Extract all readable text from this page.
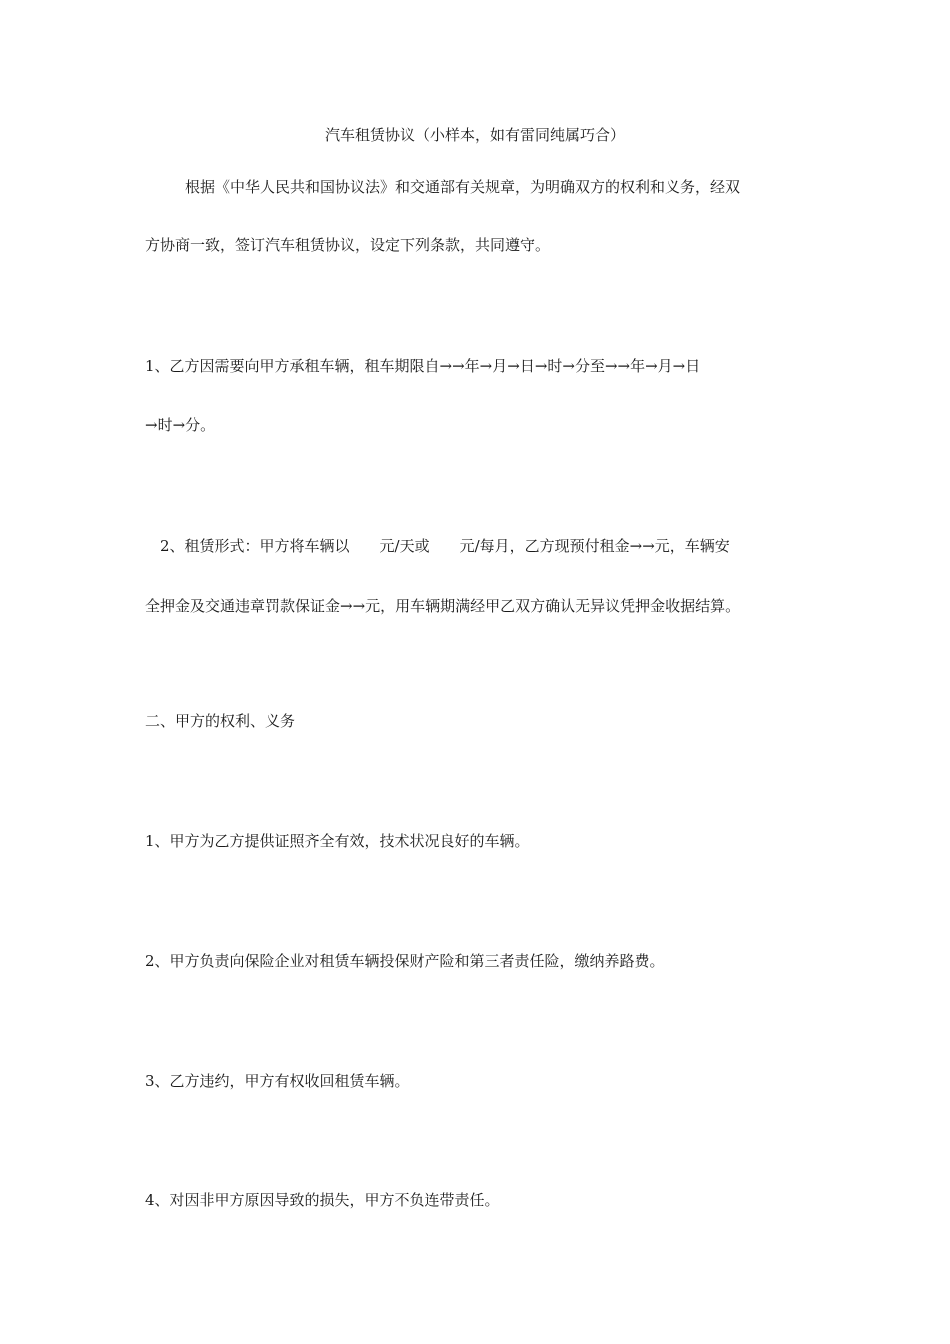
汽车租赁协议（小样本，如有雷同纯属巧合）
根据《中华人民共和国协议法》和交通部有关规章，为明确双方的权利和义务，经双
方协商一致，签订汽车租赁协议，设定下列条款，共同遵守。
1、乙方因需要向甲方承租车辆，租车期限自→→年→月→日→时→分至→→年→月→日
→时→分。
2、租赁形式：甲方将车辆以　　元/天或　　元/每月，乙方现预付租金→→元，车辆安
全押金及交通违章罚款保证金→→元，用车辆期满经甲乙双方确认无异议凭押金收据结算。
二、甲方的权利、义务
1、甲方为乙方提供证照齐全有效，技术状况良好的车辆。
2、甲方负责向保险企业对租赁车辆投保财产险和第三者责任险，缴纳养路费。
3、乙方违约，甲方有权收回租赁车辆。
4、对因非甲方原因导致的损失，甲方不负连带责任。
